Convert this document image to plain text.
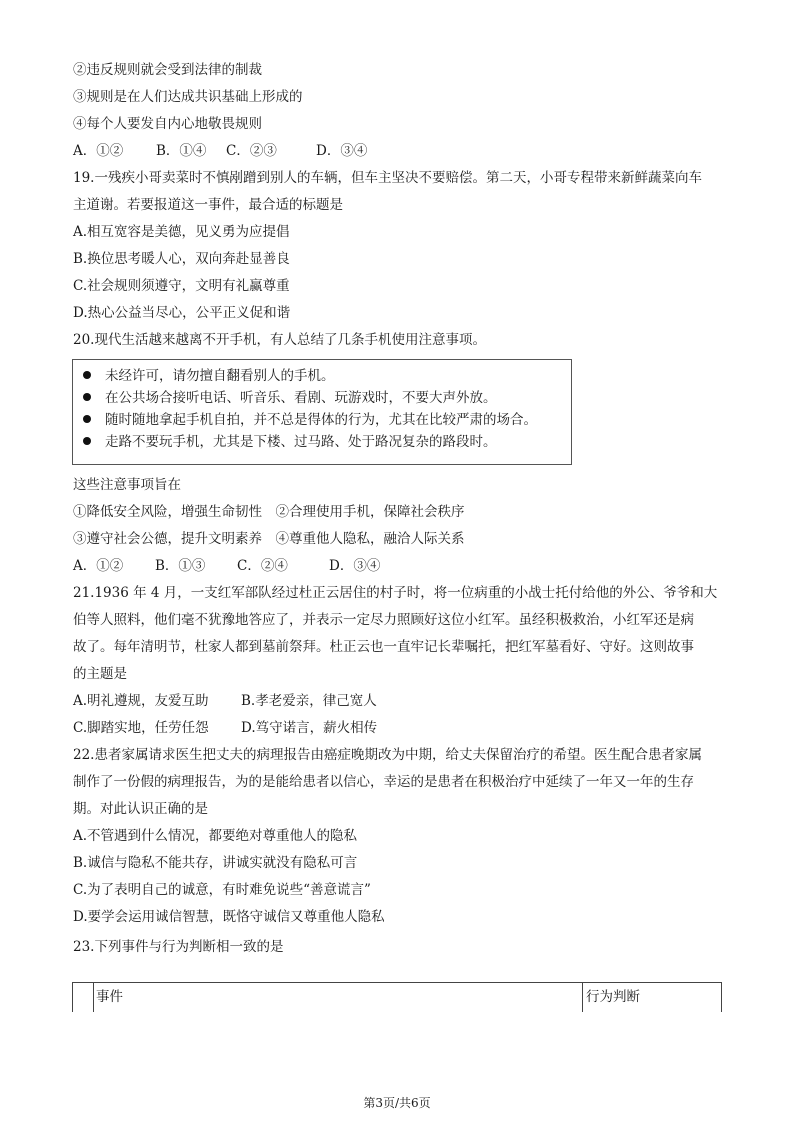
②违反规则就会受到法律的制裁
③规则是在人们达成共识基础上形成的
④每个人要发自内心地敬畏规则
A．①② B．①④ C．②③	D．③④
19.一残疾小哥卖菜时不慎剐蹭到别人的车辆，但车主坚决不要赔偿。第二天，小哥专程带来新鲜蔬菜向车
主道谢。若要报道这一事件，最合适的标题是
A.相互宽容是美德，见义勇为应提倡
B.换位思考暖人心，双向奔赴显善良
C.社会规则须遵守，文明有礼赢尊重
D.热心公益当尽心，公平正义促和谐
20.现代生活越来越离不开手机，有人总结了几条手机使用注意事项。
未经许可，请勿擅自翻看别人的手机。
在公共场合接听电话、听音乐、看剧、玩游戏时，不要大声外放。
随时随地拿起手机自拍，并不总是得体的行为，尤其在比较严肃的场合。
走路不要玩手机，尤其是下楼、过马路、处于路况复杂的路段时。
这些注意事项旨在
①降低安全风险，增强生命韧性　②合理使用手机，保障社会秩序
③遵守社会公德，提升文明素养　④尊重他人隐私，融洽人际关系
A．①② B．①③ C．②④	D．③④
21.1936 年 4 月，一支红军部队经过杜正云居住的村子时，将一位病重的小战士托付给他的外公、爷爷和大
伯等人照料，他们毫不犹豫地答应了，并表示一定尽力照顾好这位小红军。虽经积极救治，小红军还是病
故了。每年清明节，杜家人都到墓前祭拜。杜正云也一直牢记长辈嘱托，把红军墓看好、守好。这则故事
的主题是
A.明礼遵规，友爱互助 B.孝老爱亲，律己宽人
C.脚踏实地，任劳任怨 D.笃守诺言，薪火相传
22.患者家属请求医生把丈夫的病理报告由癌症晚期改为中期，给丈夫保留治疗的希望。医生配合患者家属
制作了一份假的病理报告，为的是能给患者以信心，幸运的是患者在积极治疗中延续了一年又一年的生存
期。对此认识正确的是
A.不管遇到什么情况，都要绝对尊重他人的隐私
B.诚信与隐私不能共存，讲诚实就没有隐私可言
C.为了表明自己的诚意，有时难免说些“善意谎言”
D.要学会运用诚信智慧，既恪守诚信又尊重他人隐私
23.下列事件与行为判断相一致的是
事件	行为判断
第3页/共6页
